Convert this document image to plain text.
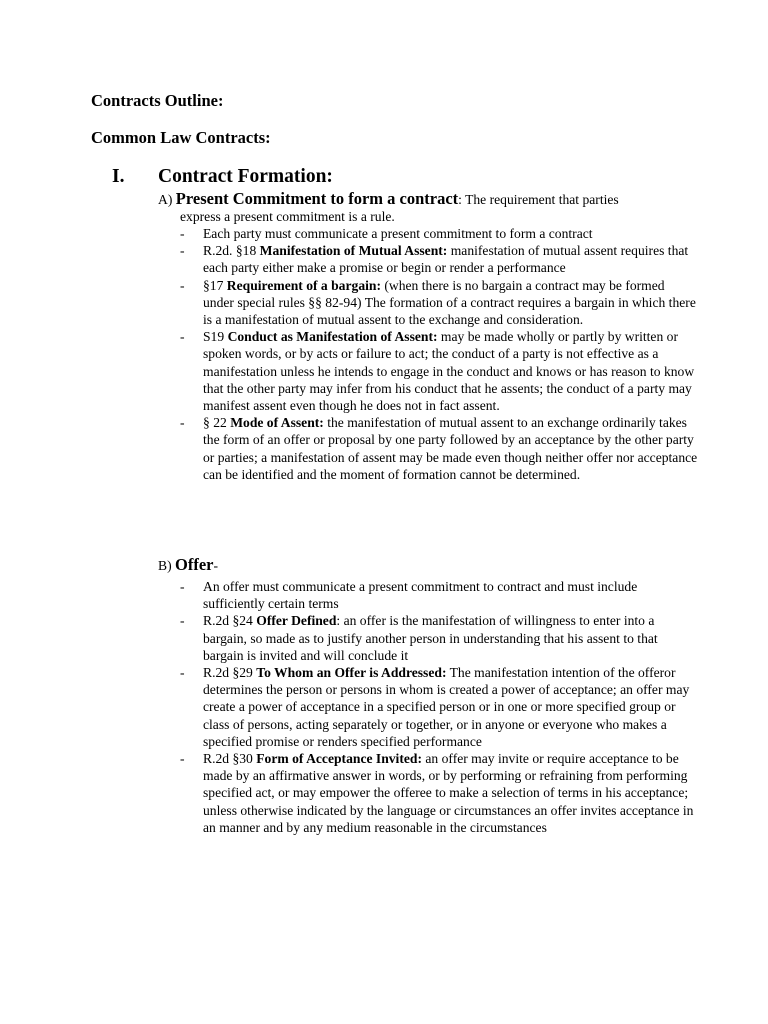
Contracts Outline:
Common Law Contracts:
I. Contract Formation:
A) Present Commitment to form a contract: The requirement that parties
express a present commitment is a rule.
- Each party must communicate a present commitment to form a contract
- R.2d. §18 Manifestation of Mutual Assent: manifestation of mutual assent requires that each party either make a promise or begin or render a performance
- §17 Requirement of a bargain: (when there is no bargain a contract may be formed under special rules §§ 82-94) The formation of a contract requires a bargain in which there is a manifestation of mutual assent to the exchange and consideration.
- S19 Conduct as Manifestation of Assent: may be made wholly or partly by written or spoken words, or by acts or failure to act; the conduct of a party is not effective as a manifestation unless he intends to engage in the conduct and knows or has reason to know that the other party may infer from his conduct that he assents; the conduct of a party may manifest assent even though he does not in fact assent.
- § 22 Mode of Assent: the manifestation of mutual assent to an exchange ordinarily takes the form of an offer or proposal by one party followed by an acceptance by the other party or parties; a manifestation of assent may be made even though neither offer nor acceptance can be identified and the moment of formation cannot be determined.
B) Offer-
- An offer must communicate a present commitment to contract and must include sufficiently certain terms
- R.2d §24 Offer Defined: an offer is the manifestation of willingness to enter into a bargain, so made as to justify another person in understanding that his assent to that bargain is invited and will conclude it
- R.2d §29 To Whom an Offer is Addressed: The manifestation intention of the offeror determines the person or persons in whom is created a power of acceptance; an offer may create a power of acceptance in a specified person or in one or more specified group or class of persons, acting separately or together, or in anyone or everyone who makes a specified promise or renders specified performance
- R.2d §30 Form of Acceptance Invited: an offer may invite or require acceptance to be made by an affirmative answer in words, or by performing or refraining from performing specified act, or may empower the offeree to make a selection of terms in his acceptance; unless otherwise indicated by the language or circumstances an offer invites acceptance in an manner and by any medium reasonable in the circumstances
